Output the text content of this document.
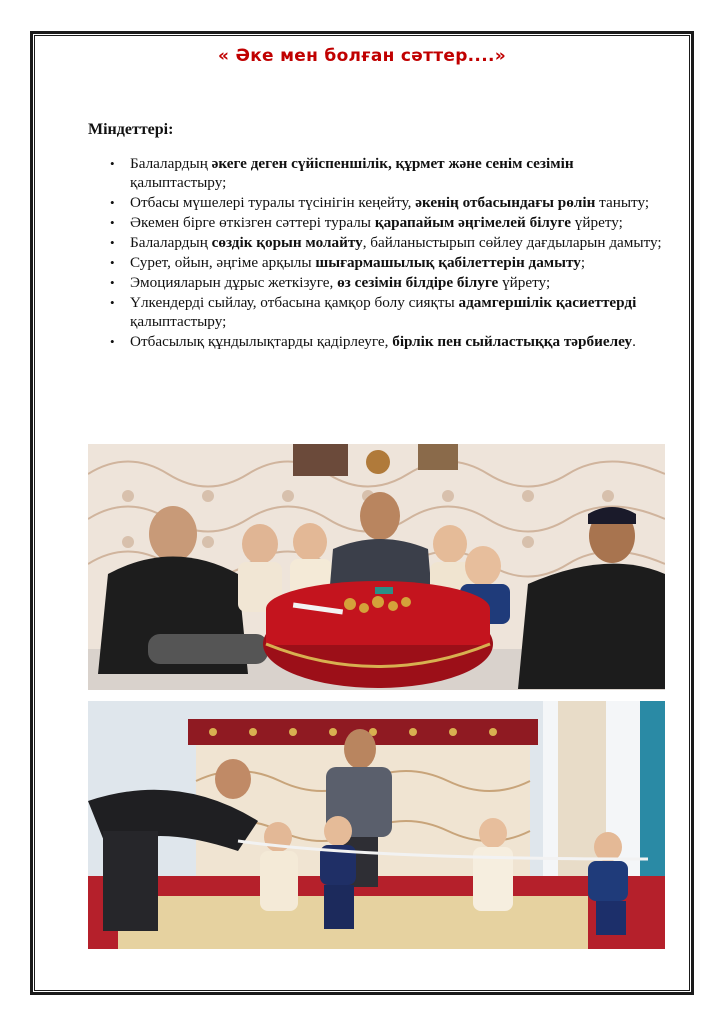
« Әке мен болған сәттер....»
Міндеттері:
• Балалардың әкеге деген сүйіспеншілік, құрмет және сенім сезімін қалыптастыру;
• Отбасы мүшелері туралы түсінігін кеңейту, әкенің отбасындағы рөлін таныту;
• Әкемен бірге өткізген сәттері туралы қарапайым әңгімелей білуге үйрету;
• Балалардың сөздік қорын молайту, байланыстырып сөйлеу дағдыларын дамыту;
• Сурет, ойын, әңгіме арқылы шығармашылық қабілеттерін дамыту;
• Эмоцияларын дұрыс жеткізуге, өз сезімін білдіре білуге үйрету;
• Үлкендерді сыйлау, отбасына қамқор болу сияқты адамгершілік қасиеттерді қалыптастыру;
• Отбасылық құндылықтарды қадірлеуге, бірлік пен сыйластыққа тәрбиелеу.
